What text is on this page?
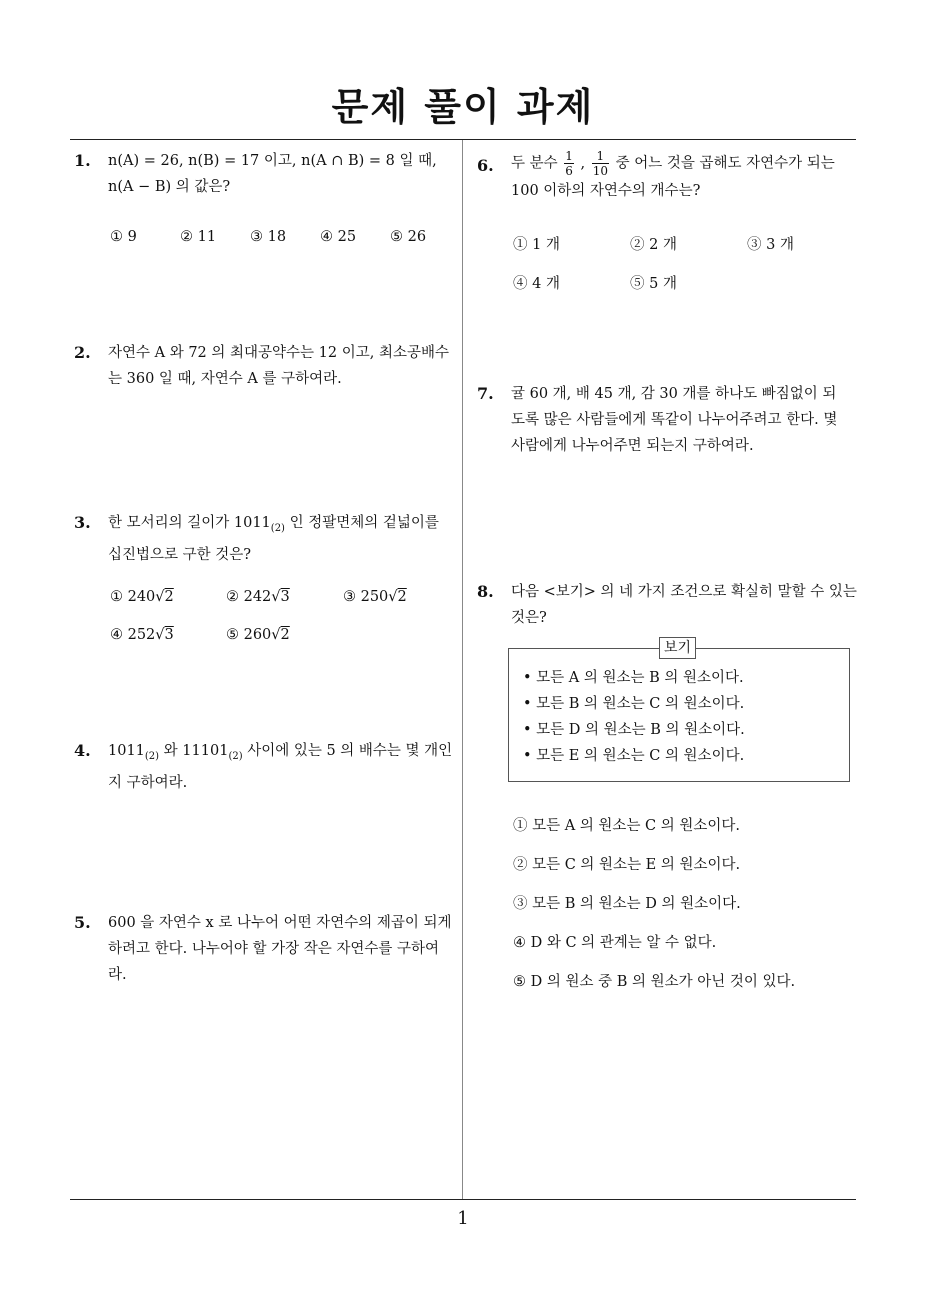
문제 풀이 과제
1. n(A) = 26, n(B) = 17 이고, n(A ∩ B) = 8 일 때,
n(A − B) 의 값은?
① 9	② 11 ③ 18 ④ 25 ⑤ 26
2. 자연수 A 와 72 의 최대공약수는 12 이고, 최소공배수
는 360 일 때, 자연수 A 를 구하여라.
3. 한 모서리의 길이가 $1011_{(2)}$ 인 정팔면체의 겉넓이를
십진법으로 구한 것은?
① 240√2	② 242√3	③ 250√2
④ 252√3	⑤ 260√2
4. $1011_{(2)}$ 와 $11101_{(2)}$ 사이에 있는 5 의 배수는 몇 개인
지 구하여라.
5. 600 을 자연수 x 로 나누어 어떤 자연수의 제곱이 되게
하려고 한다. 나누어야 할 가장 작은 자연수를 구하여
라.
6. 두 분수 $\frac{1}{6}$ , $\frac{1}{10}$ 중 어느 것을 곱해도 자연수가 되는
100 이하의 자연수의 개수는?
① 1 개	② 2 개	③ 3 개
④ 4 개	⑤ 5 개
7. 귤 60 개, 배 45 개, 감 30 개를 하나도 빠짐없이 되
도록 많은 사람들에게 똑같이 나누어주려고 한다. 몇
사람에게 나누어주면 되는지 구하여라.
8. 다음 <보기> 의 네 가지 조건으로 확실히 말할 수 있는
것은?
보기
• 모든 A 의 원소는 B 의 원소이다.
• 모든 B 의 원소는 C 의 원소이다.
• 모든 D 의 원소는 B 의 원소이다.
• 모든 E 의 원소는 C 의 원소이다.
① 모든 A 의 원소는 C 의 원소이다.
② 모든 C 의 원소는 E 의 원소이다.
③ 모든 B 의 원소는 D 의 원소이다.
④ D 와 C 의 관계는 알 수 없다.
⑤ D 의 원소 중 B 의 원소가 아닌 것이 있다.
1
